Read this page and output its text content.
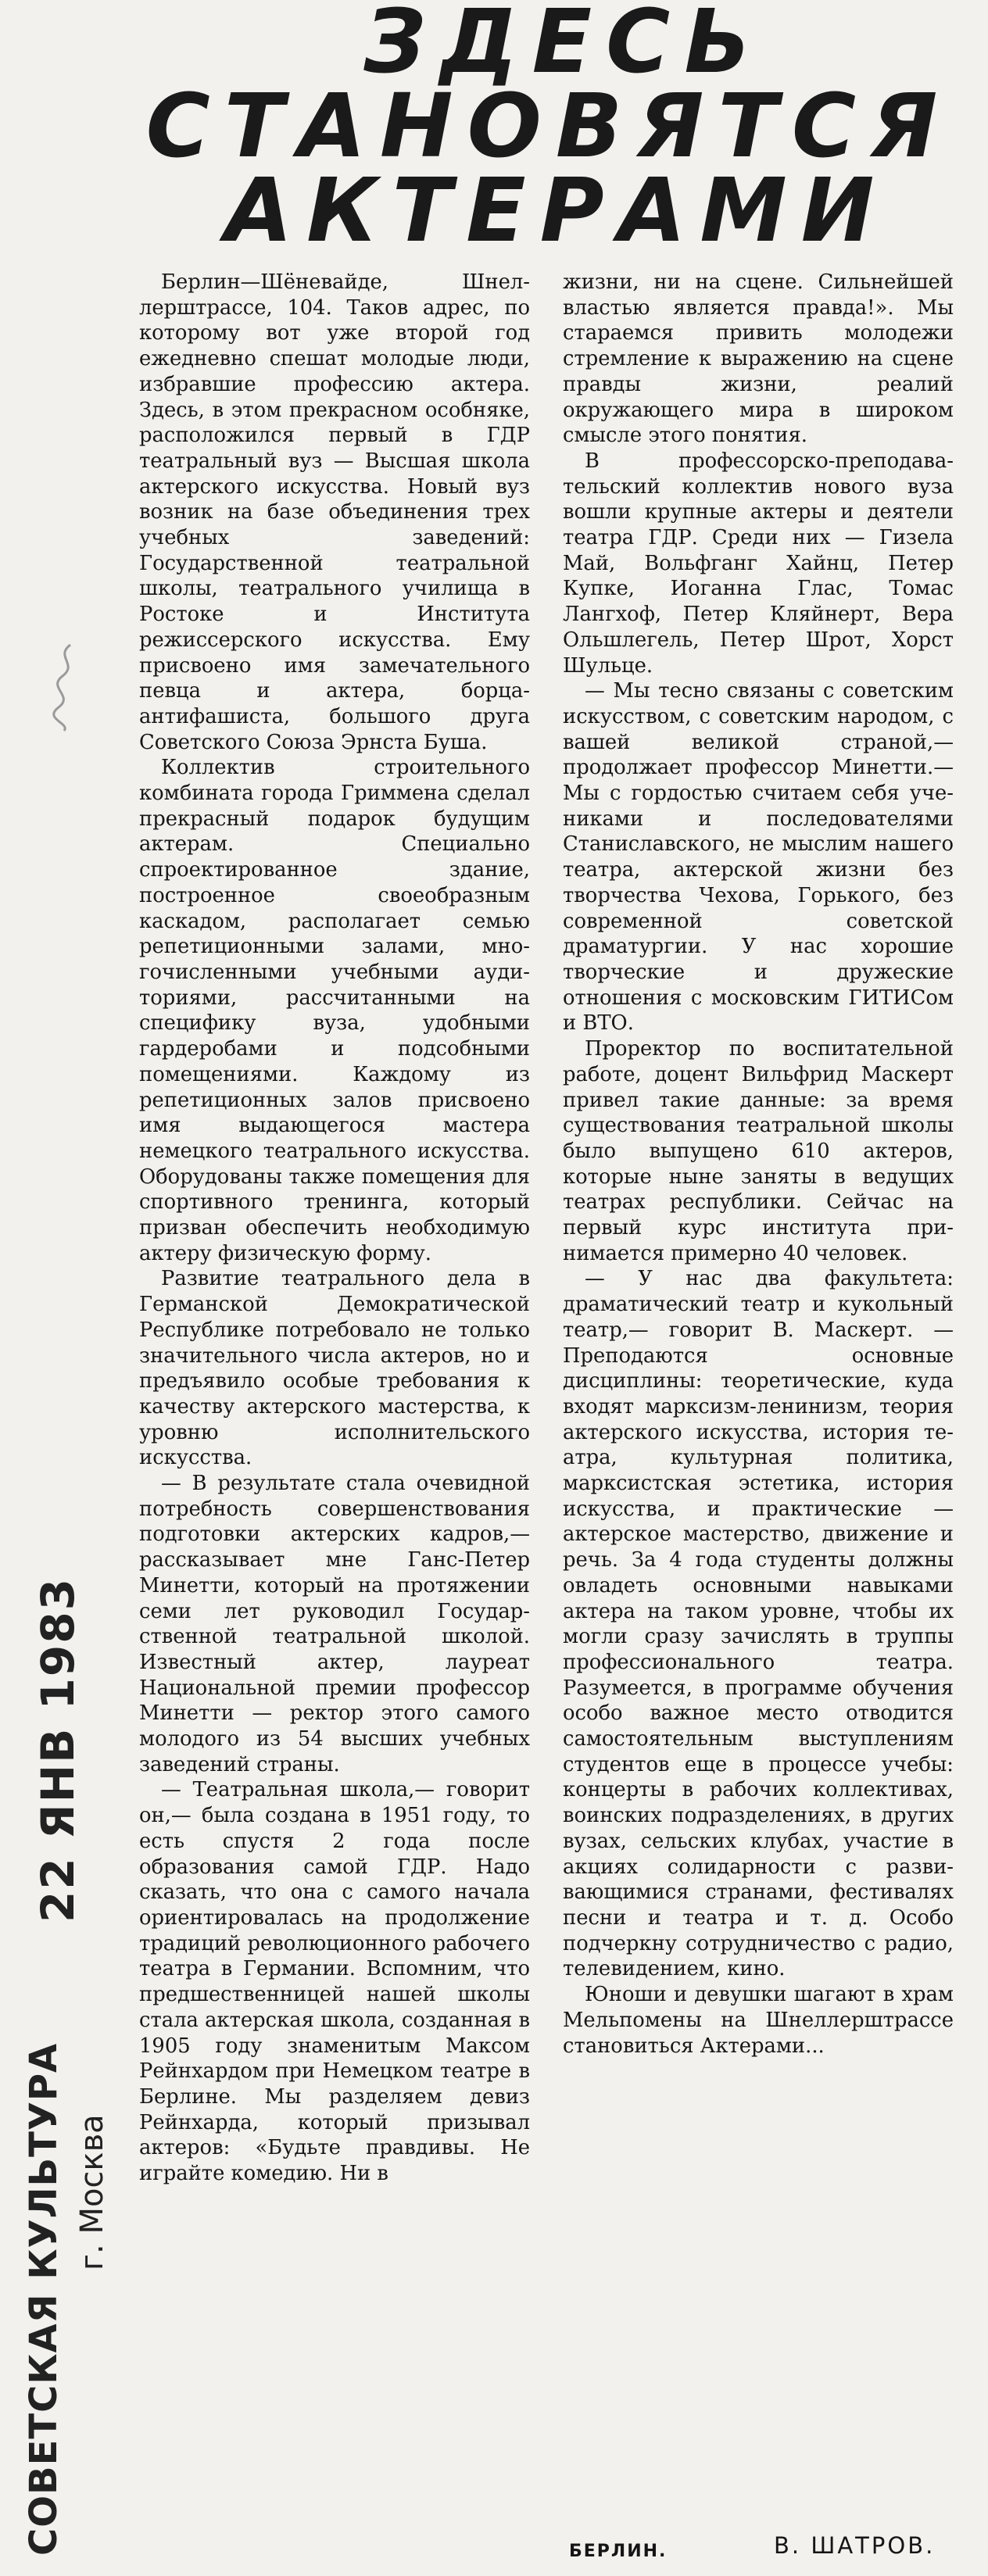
ЗДЕСЬ
СТАНОВЯТСЯ
АКТЕРАМИ
22 ЯНВ 1983
СОВЕТСКАЯ КУЛЬТУРА г. Москва

Берлин—Шёневайде, Шнеллерштрассе, 104. Таков адрес, по которому вот уже второй год ежедневно спешат молодые люди, избравшие профессию актера. Здесь, в этом прекрасном особняке, расположился первый в ГДР театральный вуз — Высшая школа актерского искусства. Новый вуз возник на базе объединения трех учебных заведений: Государственной театральной школы, театрального училища в Ростоке и Института режиссерского искусства. Ему присвоено имя замечательного певца и актера, борца-антифашиста, большого друга Советского Союза Эрнста Буша.

Коллектив строительного комбината города Гриммена сделал прекрасный подарок будущим актерам. Специально спроектированное здание, построенное своеобразным каскадом, располагает семью репетиционными залами, многочисленными учебными аудиториями, рассчитанными на специфику вуза, удобными гардеробами и подсобными помещениями. Каждому из репетиционных залов присвоено имя выдающегося мастера немецкого театрального искусства. Оборудованы также помещения для спортивного тренинга, который призван обеспечить необходимую актеру физическую форму.

Развитие театрального дела в Германской Демократической Республике потребовало не только значительного числа актеров, но и предъявило особые требования к качеству актерского мастерства, к уровню исполнительского искусства.

— В результате стала очевидной потребность совершенствования подготовки актерских кадров,— рассказывает мне Ганс-Петер Минетти, который на протяжении семи лет руководил Государственной театральной школой. Известный актер, лауреат Национальной премии профессор Минетти — ректор этого самого молодого из 54 высших учебных заведений страны.

— Театральная школа,— говорит он,— была создана в 1951 году, то есть спустя 2 года после образования самой ГДР. Надо сказать, что она с самого начала ориентировалась на продолжение традиций революционного рабочего театра в Германии. Вспомним, что предшественницей нашей школы стала актерская школа, созданная в 1905 году знаменитым Максом Рейнхардом при Немецком театре в Берлине. Мы разделяем девиз Рейнхарда, который призывал актеров: «Будьте правдивы. Не играйте комедию. Ни в

жизни, ни на сцене. Сильнейшей властью является правда!». Мы стараемся привить молодежи стремление к выражению на сцене правды жизни, реалий окружающего мира в широком смысле этого понятия.

В профессорско-преподавательский коллектив нового вуза вошли крупные актеры и деятели театра ГДР. Среди них — Гизела Май, Вольфганг Хайнц, Петер Купке, Иоганна Глас, Томас Лангхоф, Петер Кляйнерт, Вера Ольшлегель, Петер Шрот, Хорст Шульце.

— Мы тесно связаны с советским искусством, с советским народом, с вашей великой страной,— продолжает профессор Минетти.— Мы с гордостью считаем себя учениками и последователями Станиславского, не мыслим нашего театра, актерской жизни без творчества Чехова, Горького, без современной советской драматургии. У нас хорошие творческие и дружеские отношения с московским ГИТИСом и ВТО.

Проректор по воспитательной работе, доцент Вильфрид Маскерт привел такие данные: за время существования театральной школы было выпущено 610 актеров, которые ныне заняты в ведущих театрах республики. Сейчас на первый курс института принимается примерно 40 человек.

— У нас два факультета: драматический театр и кукольный театр,— говорит В. Маскерт. — Преподаются основные дисциплины: теоретические, куда входят марксизм-ленинизм, теория актерского искусства, история театра, культурная политика, марксистская эстетика, история искусства, и практические — актерское мастерство, движение и речь. За 4 года студенты должны овладеть основными навыками актера на таком уровне, чтобы их могли сразу зачислять в труппы профессионального театра. Разумеется, в программе обучения особо важное место отводится самостоятельным выступлениям студентов еще в процессе учебы: концерты в рабочих коллективах, воинских подразделениях, в других вузах, сельских клубах, участие в акциях солидарности с развивающимися странами, фестивалях песни и театра и т. д. Особо подчеркну сотрудничество с радио, телевидением, кино.

Юноши и девушки шагают в храм Мельпомены на Шнеллерштрассе становиться Актерами...

БЕРЛИН.	В. ШАТРОВ.
